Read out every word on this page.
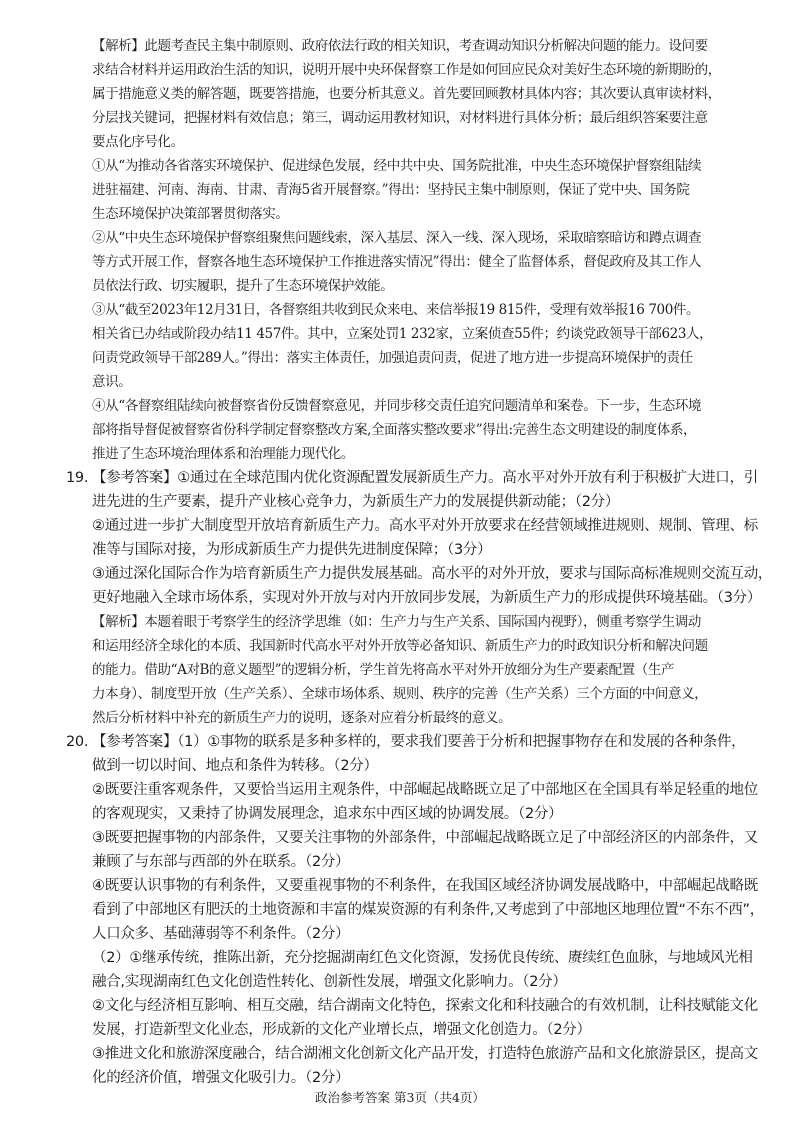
【解析】此题考查民主集中制原则、政府依法行政的相关知识，考查调动知识分析解决问题的能力。设问要

求结合材料并运用政治生活的知识，说明开展中央环保督察工作是如何回应民众对美好生态环境的新期盼的，

属于措施意义类的解答题，既要答措施，也要分析其意义。首先要回顾教材具体内容；其次要认真审读材料，

分层找关键词，把握材料有效信息；第三，调动运用教材知识，对材料进行具体分析；最后组织答案要注意

要点化序号化。

①从“为推动各省落实环境保护、促进绿色发展，经中共中央、国务院批准，中央生态环境保护督察组陆续

进驻福建、河南、海南、甘肃、青海5省开展督察。”得出：坚持民主集中制原则，保证了党中央、国务院

生态环境保护决策部署贯彻落实。

②从“中央生态环境保护督察组聚焦问题线索，深入基层、深入一线、深入现场，采取暗察暗访和蹲点调查

等方式开展工作，督察各地生态环境保护工作推进落实情况”得出：健全了监督体系，督促政府及其工作人

员依法行政、切实履职，提升了生态环境保护效能。

③从“截至2023年12月31日，各督察组共收到民众来电、来信举报19 815件，受理有效举报16 700件。

相关省已办结或阶段办结11 457件。其中，立案处罚1 232家，立案侦查55件；约谈党政领导干部623人，

问责党政领导干部289人。”得出：落实主体责任，加强追责问责，促进了地方进一步提高环境保护的责任

意识。

④从“各督察组陆续向被督察省份反馈督察意见，并同步移交责任追究问题清单和案卷。下一步，生态环境

部将指导督促被督察省份科学制定督察整改方案,全面落实整改要求”得出:完善生态文明建设的制度体系，

推进了生态环境治理体系和治理能力现代化。

19. 【参考答案】①通过在全球范围内优化资源配置发展新质生产力。高水平对外开放有利于积极扩大进口，引

进先进的生产要素，提升产业核心竞争力，为新质生产力的发展提供新动能；（2分）

②通过进一步扩大制度型开放培育新质生产力。高水平对外开放要求在经营领域推进规则、规制、管理、标

准等与国际对接，为形成新质生产力提供先进制度保障；（3分）

③通过深化国际合作为培育新质生产力提供发展基础。高水平的对外开放，要求与国际高标准规则交流互动，

更好地融入全球市场体系，实现对外开放与对内开放同步发展，为新质生产力的形成提供环境基础。（3分）

【解析】本题着眼于考察学生的经济学思维（如：生产力与生产关系、国际国内视野），侧重考察学生调动

和运用经济全球化的本质、我国新时代高水平对外开放等必备知识、新质生产力的时政知识分析和解决问题

的能力。借助“A对B的意义题型”的逻辑分析，学生首先将高水平对外开放细分为生产要素配置（生产

力本身）、制度型开放（生产关系）、全球市场体系、规则、秩序的完善（生产关系）三个方面的中间意义，

然后分析材料中补充的新质生产力的说明，逐条对应着分析最终的意义。

20. 【参考答案】（1）①事物的联系是多种多样的，要求我们要善于分析和把握事物存在和发展的各种条件，

做到一切以时间、地点和条件为转移。（2分）

②既要注重客观条件，又要恰当运用主观条件，中部崛起战略既立足了中部地区在全国具有举足轻重的地位

的客观现实，又秉持了协调发展理念，追求东中西区域的协调发展。（2分）

③既要把握事物的内部条件，又要关注事物的外部条件，中部崛起战略既立足了中部经济区的内部条件，又

兼顾了与东部与西部的外在联系。（2分）

④既要认识事物的有利条件，又要重视事物的不利条件，在我国区域经济协调发展战略中，中部崛起战略既

看到了中部地区有肥沃的土地资源和丰富的煤炭资源的有利条件,又考虑到了中部地区地理位置“不东不西”，

人口众多、基础薄弱等不利条件。（2分）

（2）①继承传统，推陈出新，充分挖掘湖南红色文化资源，发扬优良传统、赓续红色血脉，与地域风光相

融合,实现湖南红色文化创造性转化、创新性发展，增强文化影响力。（2分）

②文化与经济相互影响、相互交融，结合湖南文化特色，探索文化和科技融合的有效机制，让科技赋能文化

发展，打造新型文化业态，形成新的文化产业增长点，增强文化创造力。（2分）

③推进文化和旅游深度融合，结合湖湘文化创新文化产品开发，打造特色旅游产品和文化旅游景区，提高文

化的经济价值，增强文化吸引力。（2分）

政治参考答案 第3页（共4页）
